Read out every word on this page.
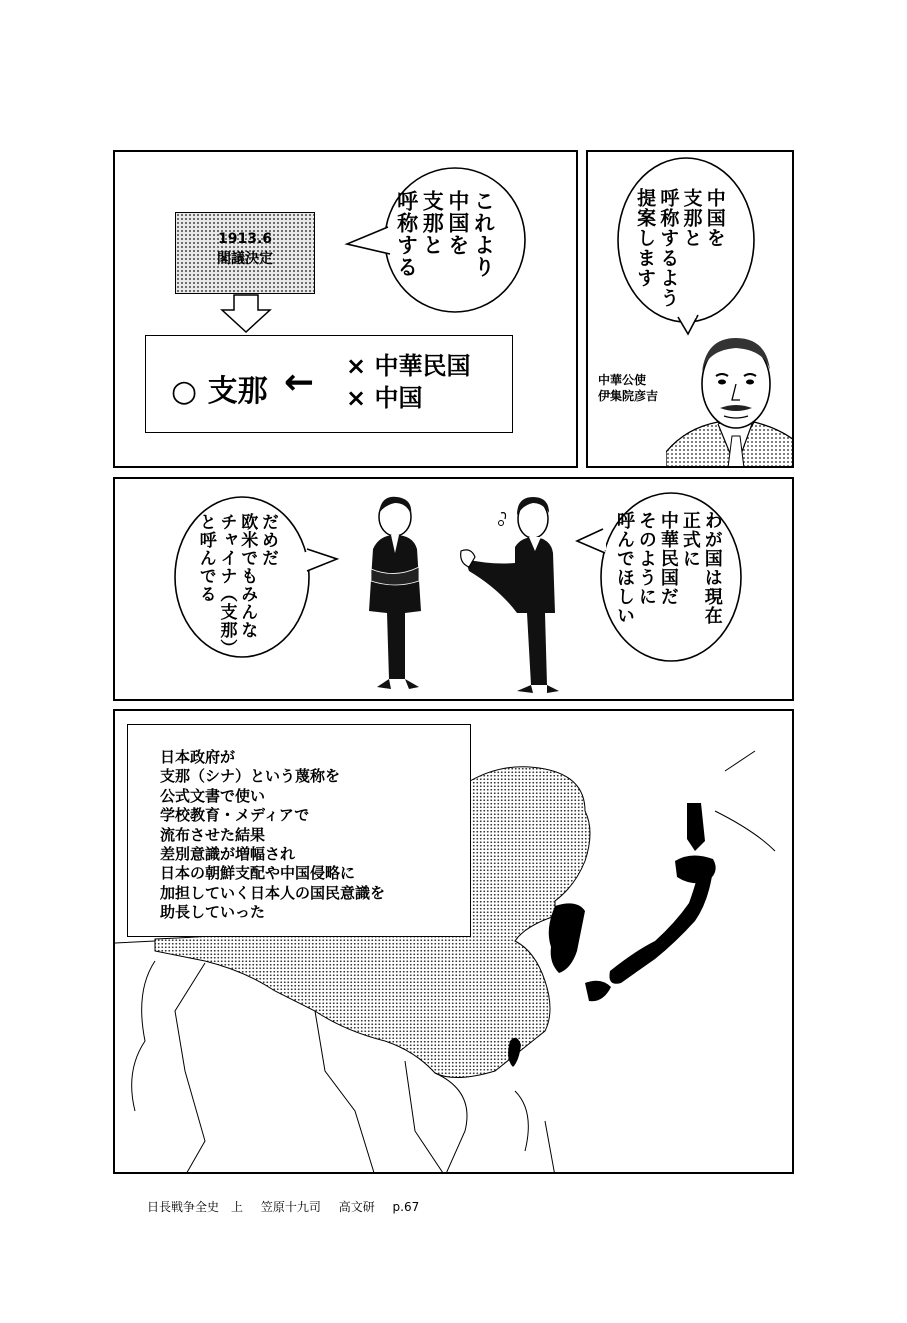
1913.6
閣議決定
○ 支那 ← × 中華民国
× 中国
これより
中国を
支那と
呼称する	中国を
支那と
呼称するよう
提案します
中華公使
伊集院彦吉
だめだ
欧米でもみんな
チャイナ（支那）
と呼んでる	わが国は現在
正式に
中華民国だ
そのように
呼んでほしい
日本政府が
支那（シナ）という蔑称を
公式文書で使い
学校教育・メディアで
流布させた結果
差別意識が増幅され
日本の朝鮮支配や中国侵略に
加担していく日本人の国民意識を
助長していった
日長戦争全史　上 笠原十九司 高文研 p.67
